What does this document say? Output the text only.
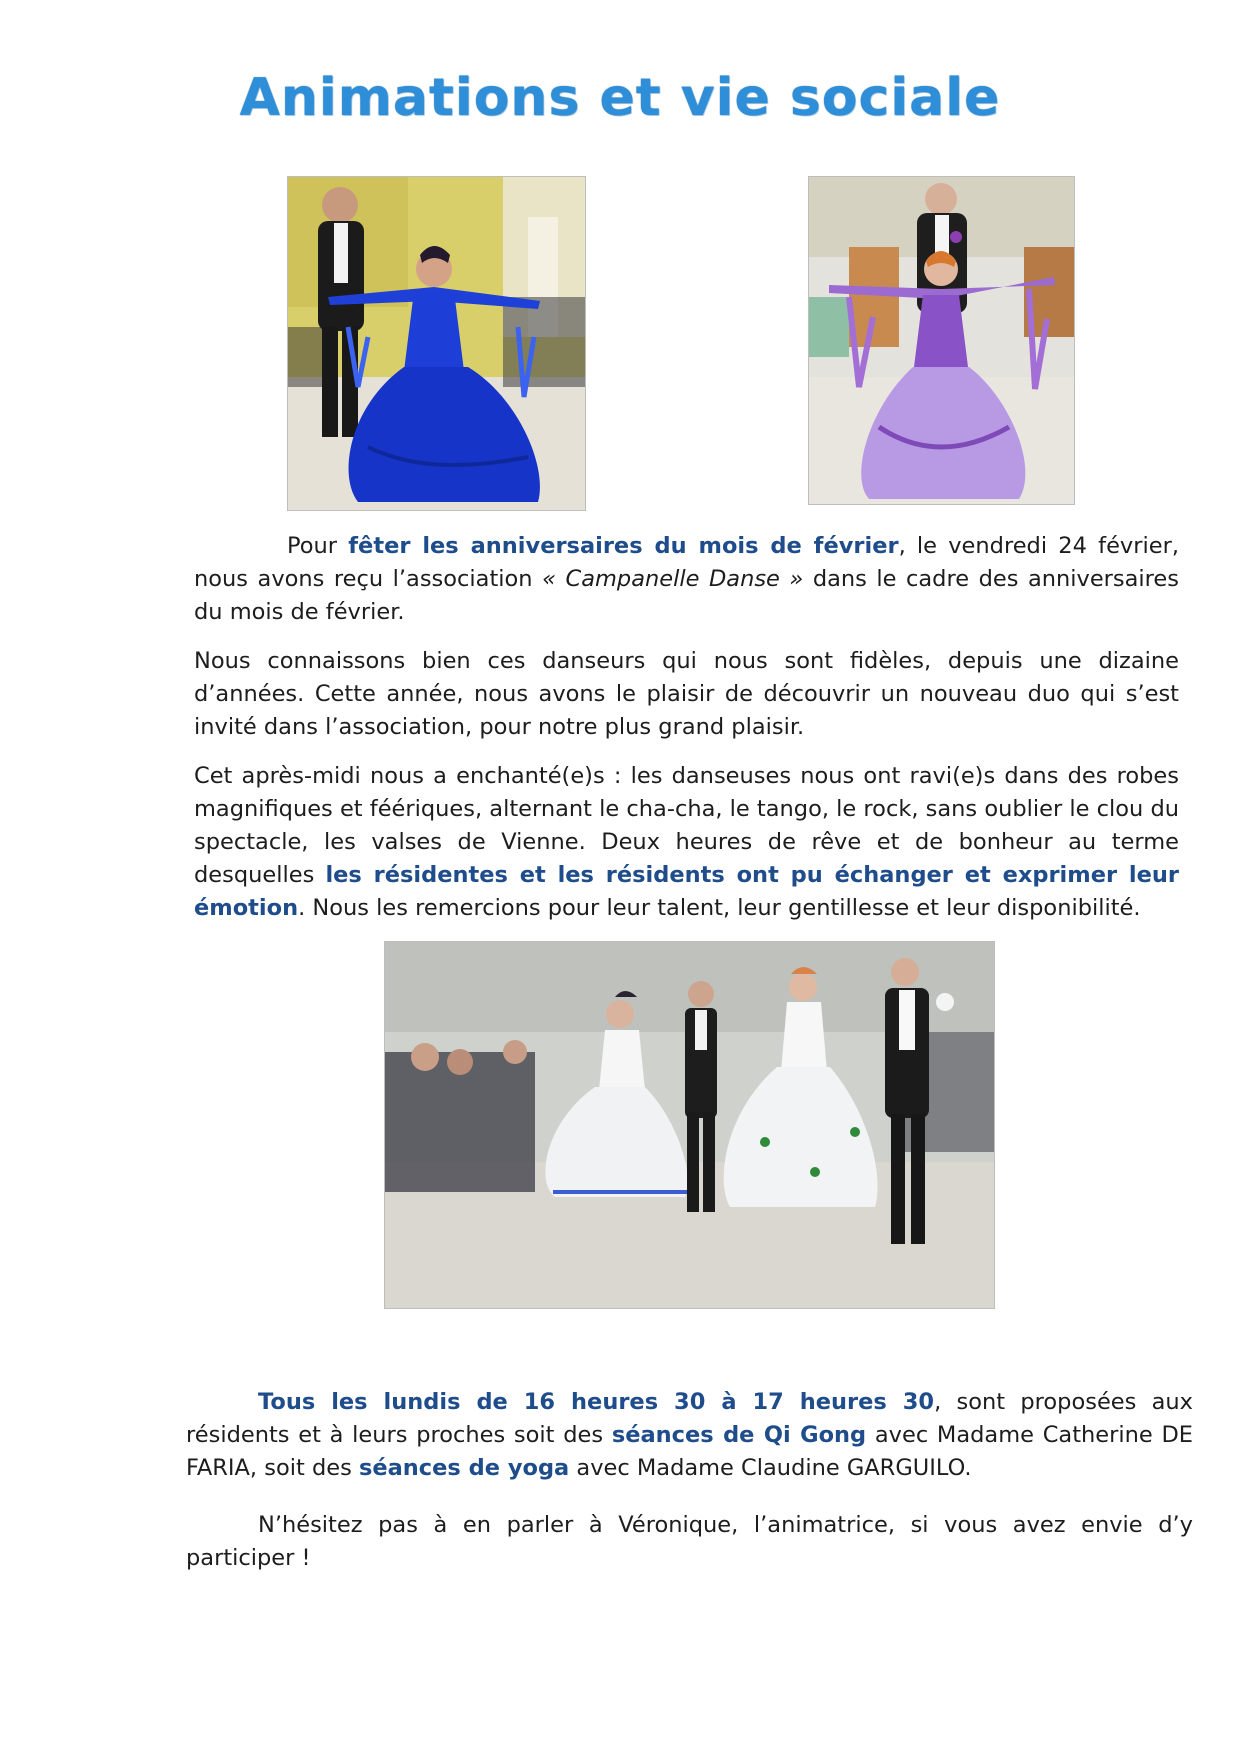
Animations et vie sociale

Pour fêter les anniversaires du mois de février, le vendredi 24 février, nous avons reçu l’association « Campanelle Danse » dans le cadre des anniversaires du mois de février.

Nous connaissons bien ces danseurs qui nous sont fidèles, depuis une dizaine d’années. Cette année, nous avons le plaisir de découvrir un nouveau duo qui s’est invité dans l’association, pour notre plus grand plaisir.

Cet après-midi nous a enchanté(e)s : les danseuses nous ont ravi(e)s dans des robes magnifiques et féériques, alternant le cha-cha, le tango, le rock, sans oublier le clou du spectacle, les valses de Vienne. Deux heures de rêve et de bonheur au terme desquelles les résidentes et les résidents ont pu échanger et exprimer leur émotion. Nous les remercions pour leur talent, leur gentillesse et leur disponibilité.

Tous les lundis de 16 heures 30 à 17 heures 30, sont proposées aux résidents et à leurs proches soit des séances de Qi Gong avec Madame Catherine DE FARIA, soit des séances de yoga avec Madame Claudine GARGUILO.

N’hésitez pas à en parler à Véronique, l’animatrice, si vous avez envie d’y participer !
